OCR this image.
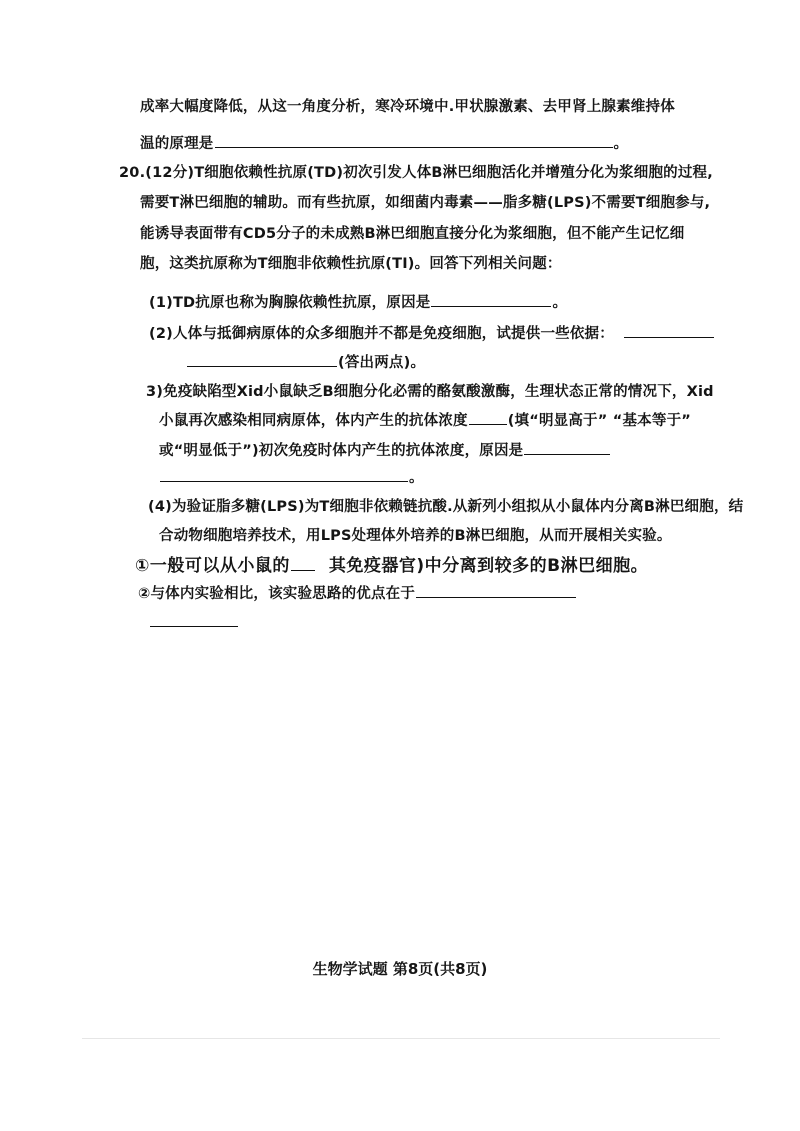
成率大幅度降低，从这一角度分析，寒冷环境中.甲状腺激素、去甲肾上腺素维持体
温的原理是	。
20.(12分)T细胞依赖性抗原(TD)初次引发人体B淋巴细胞活化并增殖分化为浆细胞的过程,
需要T淋巴细胞的辅助。而有些抗原，如细菌内毒素——脂多糖(LPS)不需要T细胞参与,
能诱导表面带有CD5分子的未成熟B淋巴细胞直接分化为浆细胞，但不能产生记忆细
胞，这类抗原称为T细胞非依赖性抗原(TI)。回答下列相关问题：
(1)TD抗原也称为胸腺依赖性抗原，原因是	。
(2)人体与抵御病原体的众多细胞并不都是免疫细胞，试提供一些依据：
(答出两点)。
3)免疫缺陷型Xid小鼠缺乏B细胞分化必需的酪氨酸激酶，生理状态正常的情况下，Xid
小鼠再次感染相同病原体，体内产生的抗体浓度	(填“明显高于” “基本等于”
或“明显低于”)初次免疫时体内产生的抗体浓度，原因是
。
(4)为验证脂多糖(LPS)为T细胞非依赖链抗酸.从新列小组拟从小鼠体内分离B淋巴细胞，结
合动物细胞培养技术，用LPS处理体外培养的B淋巴细胞，从而开展相关实验。
①一般可以从小鼠的 其免疫器官)中分离到较多的B淋巴细胞。
②与体内实验相比，该实验思路的优点在于
生物学试题 第8页(共8页)
